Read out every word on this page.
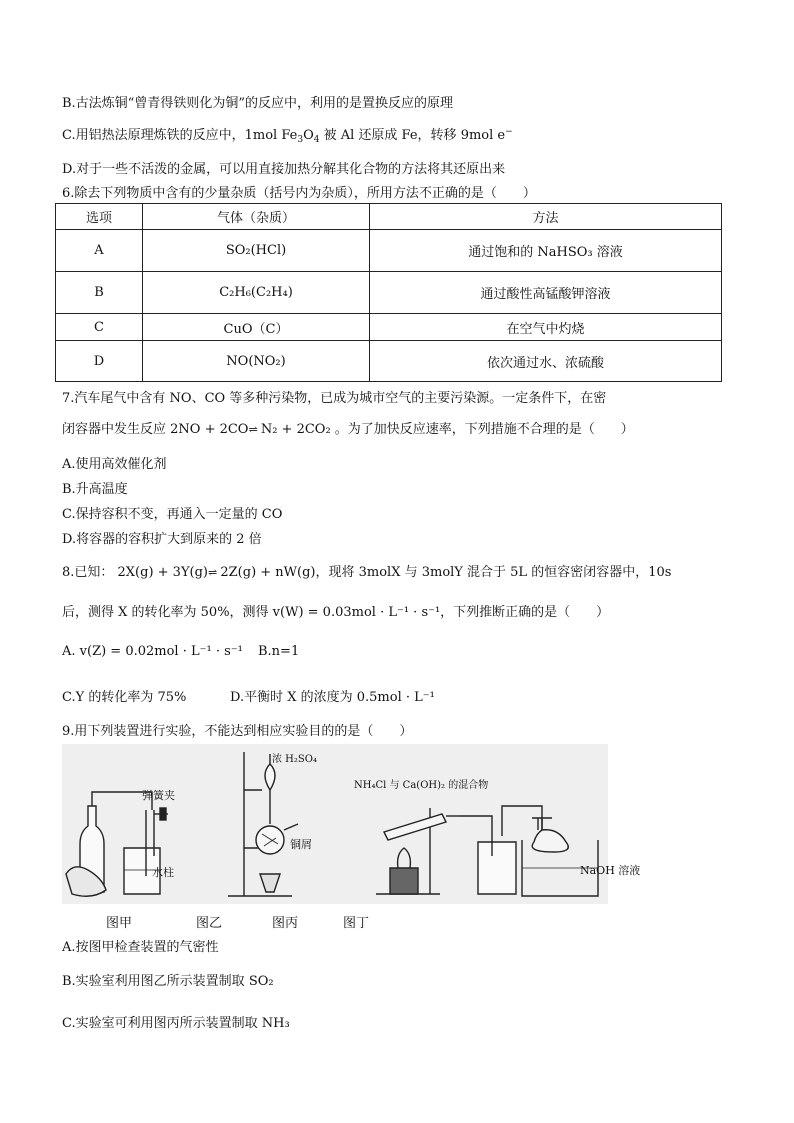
B.古法炼铜“曾青得铁则化为铜”的反应中，利用的是置换反应的原理
C.用铝热法原理炼铁的反应中，1mol $Fe_3O_4$ 被 Al 还原成 Fe，转移 9mol e−
D.对于一些不活泼的金属，可以用直接加热分解其化合物的方法将其还原出来
6.除去下列物质中含有的少量杂质（括号内为杂质），所用方法不正确的是（　　）
选项	气体（杂质）	方法
A	SO₂(HCl)	通过饱和的 NaHSO₃ 溶液
B	C₂H₆(C₂H₄)	通过酸性高锰酸钾溶液
C	CuO（C）	在空气中灼烧
D	NO(NO₂)	依次通过水、浓硫酸
7.汽车尾气中含有 NO、CO 等多种污染物，已成为城市空气的主要污染源。一定条件下，在密
闭容器中发生反应 2NO + 2CO⇌ N₂ + 2CO₂ 。为了加快反应速率，下列措施不合理的是（　　）
A.使用高效催化剂
B.升高温度
C.保持容积不变，再通入一定量的 CO
D.将容器的容积扩大到原来的 2 倍
8.已知： 2X(g) + 3Y(g)⇌ 2Z(g) + nW(g)，现将 3molX 与 3molY 混合于 5L 的恒容密闭容器中，10s
后，测得 X 的转化率为 50%，测得 v(W) = 0.03mol · L⁻¹ · s⁻¹，下列推断正确的是（　　）
A. v(Z) = 0.02mol · L⁻¹ · s⁻¹ B.n=1
C.Y 的转化率为 75%	D.平衡时 X 的浓度为 0.5mol · L⁻¹
9.用下列装置进行实验，不能达到相应实验目的的是（　　）
弹簧夹
水柱
浓 H₂SO₄
铜屑
NH₄Cl 与 Ca(OH)₂ 的混合物
NaOH 溶液
图甲	图乙	图丙	图丁
A.按图甲检查装置的气密性
B.实验室利用图乙所示装置制取 SO₂
C.实验室可利用图丙所示装置制取 NH₃
